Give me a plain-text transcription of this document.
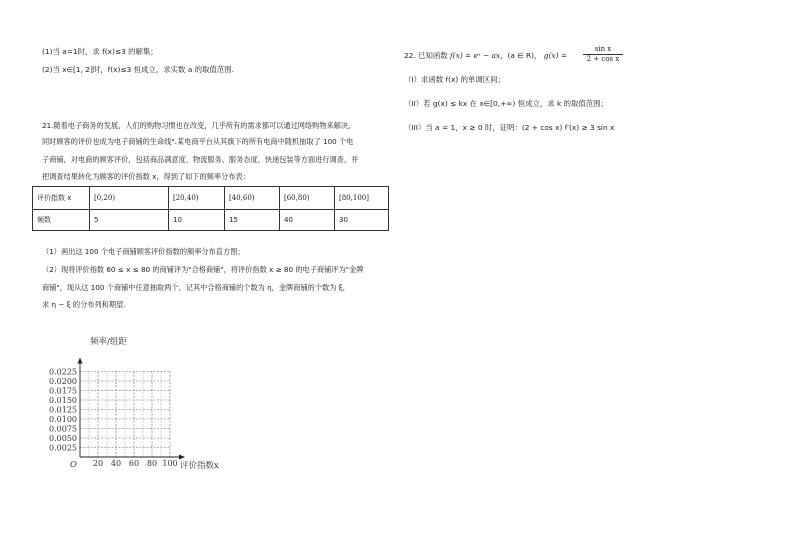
(1)当 a=1时，求 f(x)≤3 的解集；
(2)当 x∈[1, 2]时，f(x)≤3 恒成立，求实数 a 的取值范围.
21.随着电子商务的发展，人们的购物习惯也在改变，几乎所有的需求都可以通过网络购物来解决，
同时顾客的评价也成为电子商铺的生命线".某电商平台从其旗下的所有电商中随机抽取了 100 个电
子商铺，对电商的顾客评价，包括商品满意度、物流服务、服务态度、快递包装等方面进行调查，并
把调查结果转化为顾客的评价指数 x，得到了如下的频率分布表：
评价指数 x	[0,20)	[20,40)	[40,60)	[60,80)	[80,100]
频数	5	10	15	40	30
（1）画出这 100 个电子商铺顾客评价指数的频率分布直方图；
（2）现将评价指数 60 ≤ x ≤ 80 的商铺评为"合格商铺"，将评价指数 x ≥ 80 的电子商铺评为"金牌
商铺"，现从这 100 个商铺中任意抽取两个，记其中合格商铺的个数为 η，金牌商铺的个数为 ξ，
求 η − ξ 的分布列和期望.
频率/组距
评价指数x
O
0.0225
0.0200
0.0175
0.0150
0.0125
0.0100
0.0075
0.0050
0.0025
20 40 60 80 100
22. 已知函数 f(x) = eˣ − ax，(a ∈ R)， g(x) =
sin x
2 + cos x
（I）求函数 f(x) 的单调区间；
（II）若 g(x) ≤ kx 在 x∈[0,+∞) 恒成立，求 k 的取值范围；
（III）当 a = 1，x ≥ 0 时，证明：(2 + cos x) f′(x) ≥ 3 sin x
